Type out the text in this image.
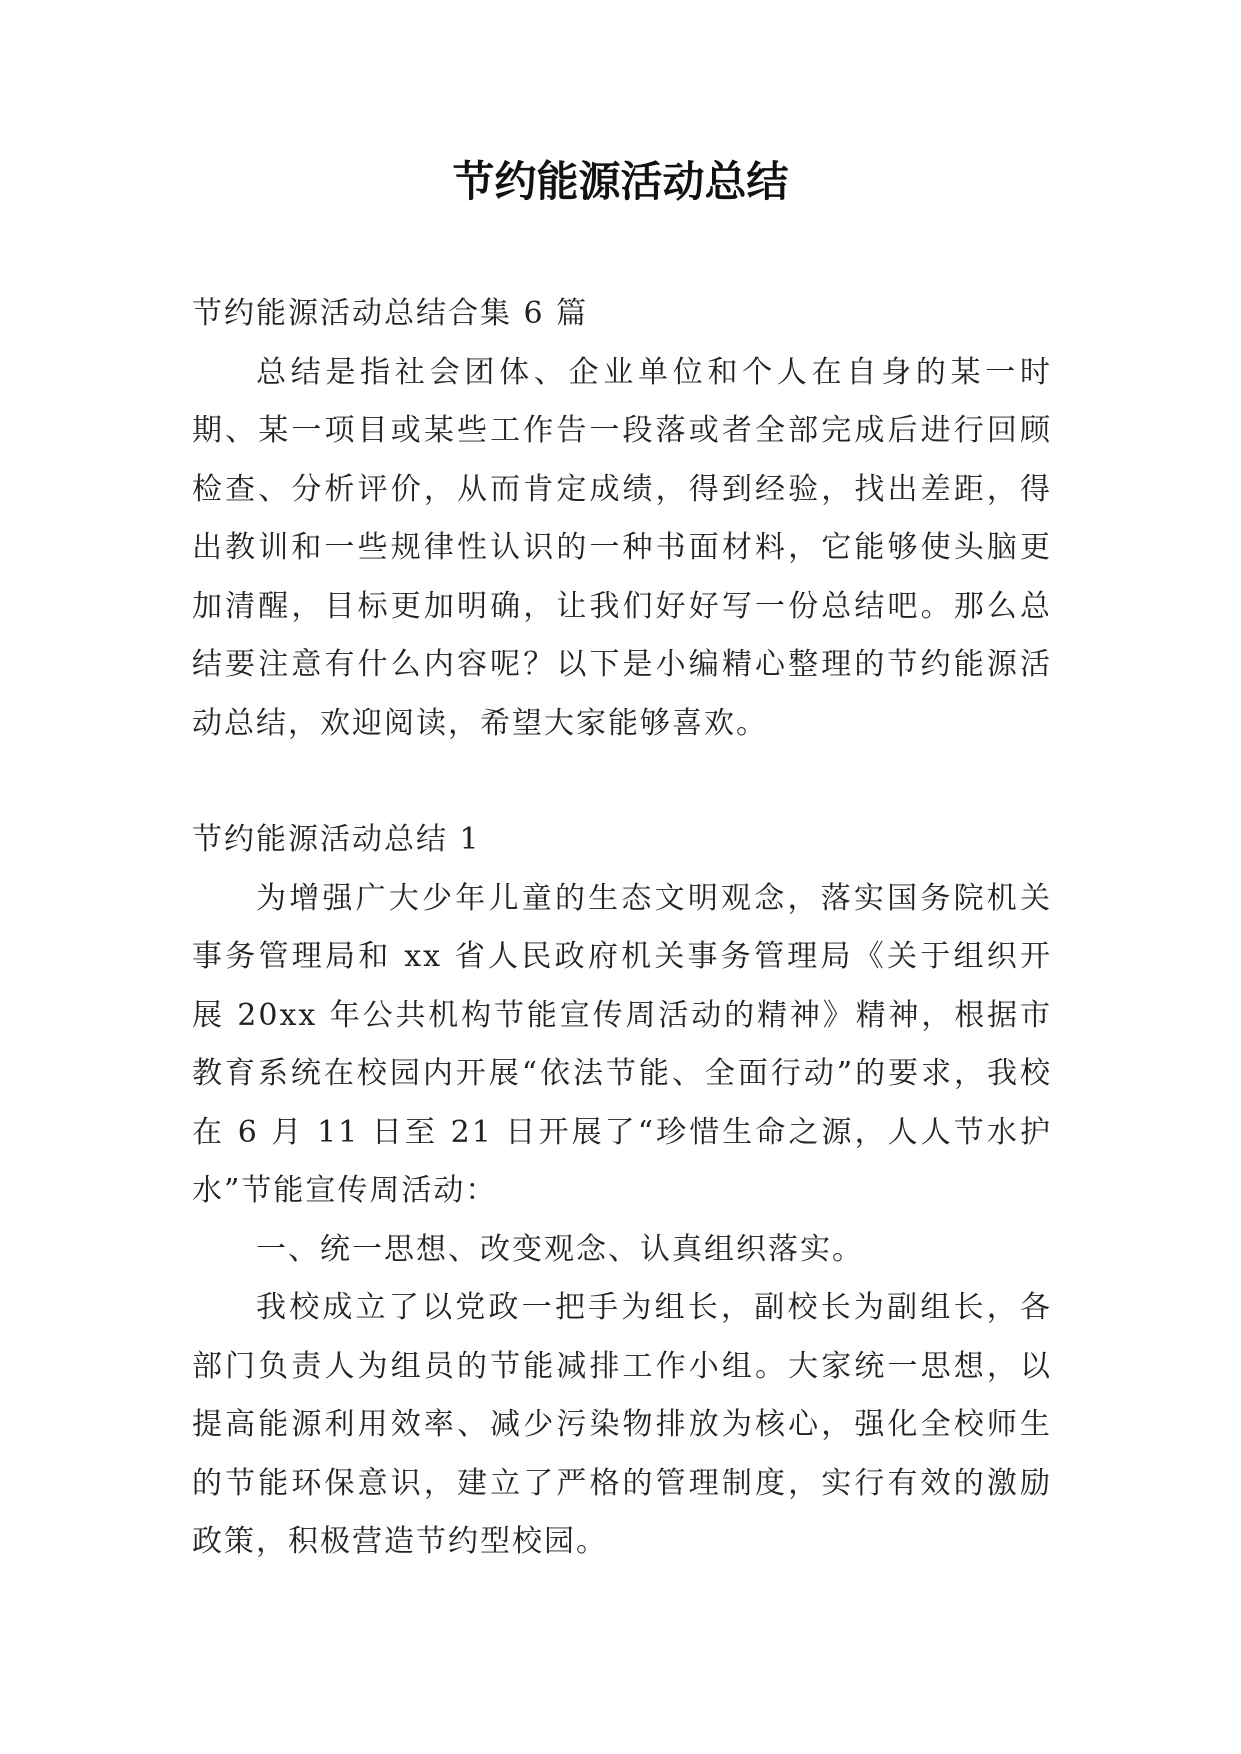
节约能源活动总结

节约能源活动总结合集 6 篇

总结是指社会团体、企业单位和个人在自身的某一时期、某一项目或某些工作告一段落或者全部完成后进行回顾检查、分析评价，从而肯定成绩，得到经验，找出差距，得出教训和一些规律性认识的一种书面材料，它能够使头脑更加清醒，目标更加明确，让我们好好写一份总结吧。那么总结要注意有什么内容呢？以下是小编精心整理的节约能源活动总结，欢迎阅读，希望大家能够喜欢。

节约能源活动总结 1

为增强广大少年儿童的生态文明观念，落实国务院机关事务管理局和 xx 省人民政府机关事务管理局《关于组织开展 20xx 年公共机构节能宣传周活动的精神》精神，根据市教育系统在校园内开展“依法节能、全面行动”的要求，我校在 6 月 11 日至 21 日开展了“珍惜生命之源，人人节水护水”节能宣传周活动：

一、统一思想、改变观念、认真组织落实。

我校成立了以党政一把手为组长，副校长为副组长，各部门负责人为组员的节能减排工作小组。大家统一思想，以提高能源利用效率、减少污染物排放为核心，强化全校师生的节能环保意识，建立了严格的管理制度，实行有效的激励政策，积极营造节约型校园。
